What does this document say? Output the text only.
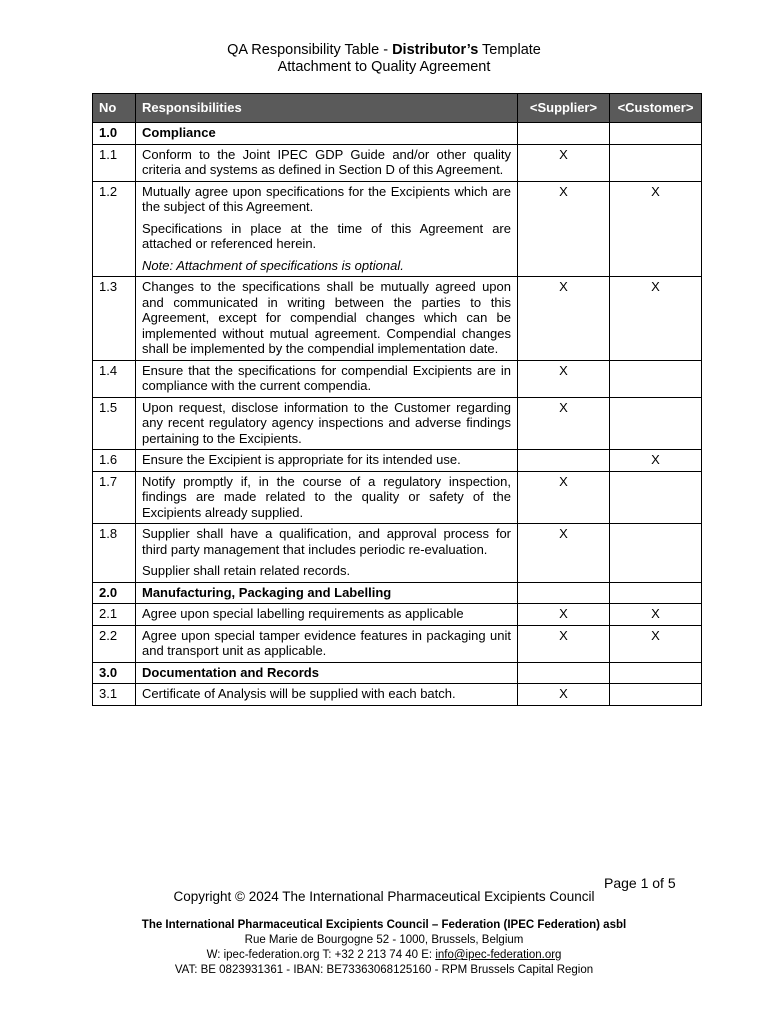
QA Responsibility Table - Distributor’s Template
Attachment to Quality Agreement
No	Responsibilities	<Supplier>	<Customer>
1.0	Compliance		
1.1	Conform to the Joint IPEC GDP Guide and/or other quality criteria and systems as defined in Section D of this Agreement.	X	
1.2	Mutually agree upon specifications for the Excipients which are the subject of this Agreement.

Specifications in place at the time of this Agreement are attached or referenced herein.

Note: Attachment of specifications is optional.	X	X
1.3	Changes to the specifications shall be mutually agreed upon and communicated in writing between the parties to this Agreement, except for compendial changes which can be implemented without mutual agreement. Compendial changes shall be implemented by the compendial implementation date.	X	X
1.4	Ensure that the specifications for compendial Excipients are in compliance with the current compendia.	X	
1.5	Upon request, disclose information to the Customer regarding any recent regulatory agency inspections and adverse findings pertaining to the Excipients.	X	
1.6	Ensure the Excipient is appropriate for its intended use.		X
1.7	Notify promptly if, in the course of a regulatory inspection, findings are made related to the quality or safety of the Excipients already supplied.	X	
1.8	Supplier shall have a qualification, and approval process for third party management that includes periodic re-evaluation.

Supplier shall retain related records.	X	
2.0	Manufacturing, Packaging and Labelling		
2.1	Agree upon special labelling requirements as applicable	X	X
2.2	Agree upon special tamper evidence features in packaging unit and transport unit as applicable.	X	X
3.0	Documentation and Records		
3.1	Certificate of Analysis will be supplied with each batch.	X	
Page 1 of 5
Copyright © 2024 The International Pharmaceutical Excipients Council
The International Pharmaceutical Excipients Council – Federation (IPEC Federation) asbl
Rue Marie de Bourgogne 52 - 1000, Brussels, Belgium
W: ipec-federation.org T: +32 2 213 74 40 E: info@ipec-federation.org
VAT: BE 0823931361 - IBAN: BE73363068125160 - RPM Brussels Capital Region
